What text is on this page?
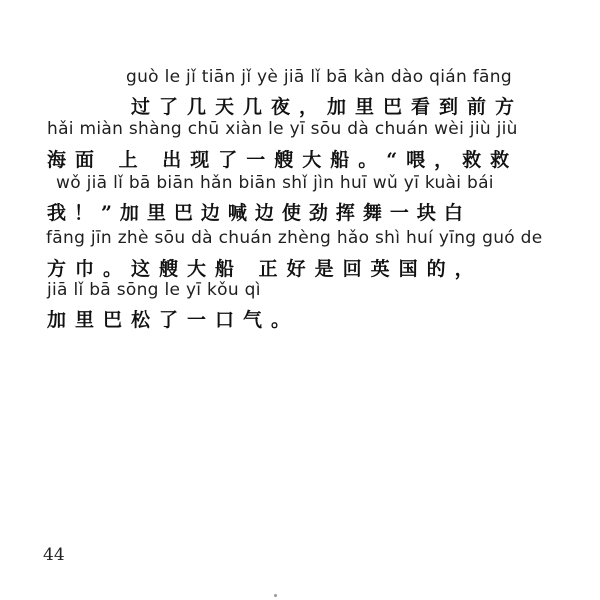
guò le jǐ tiān jǐ yè jiā lǐ bā kàn dào qián fāng

过了几天几夜，加里巴看到前方

hǎi miàn shàng chū xiàn le yī sōu dà chuán wèi jiù jiù

海面 上 出现了一艘大船。“喂，救救

wǒ jiā lǐ bā biān hǎn biān shǐ jìn huī wǔ yī kuài bái

我！”加里巴边喊边使劲挥舞一块白

fāng jīn zhè sōu dà chuán zhèng hǎo shì huí yīng guó de

方巾。这艘大船 正好是回英国的，

jiā lǐ bā sōng le yī kǒu qì

加里巴松了一口气。

44
